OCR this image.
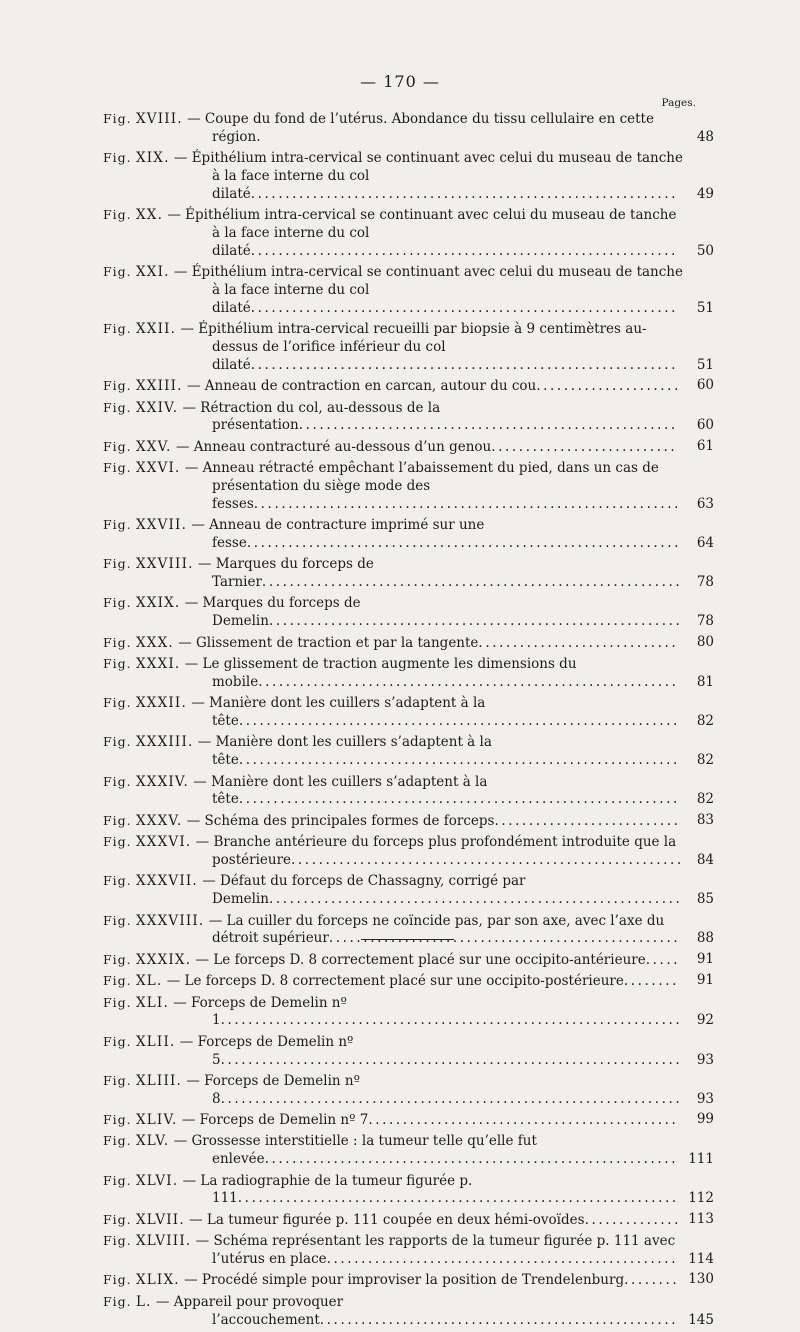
— 170 —
Pages.
Fig. XVIII. — Coupe du fond de l’utérus. Abondance du tissu cellulaire en cette région.	48
Fig. XIX. — Épithélium intra-cervical se continuant avec celui du museau de tanche à la face interne du col dilaté..............................................................	49
Fig. XX. — Épithélium intra-cervical se continuant avec celui du museau de tanche à la face interne du col dilaté..............................................................	50
Fig. XXI. — Épithélium intra-cervical se continuant avec celui du museau de tanche à la face interne du col dilaté..............................................................	51
Fig. XXII. — Épithélium intra-cervical recueilli par biopsie à 9 centimètres au-dessus de l’orifice inférieur du col dilaté..............................................................	51
Fig. XXIII. — Anneau de contraction en carcan, autour du cou.....................	60
Fig. XXIV. — Rétraction du col, au-dessous de la présentation.......................................................	60
Fig. XXV. — Anneau contracturé au-dessous d’un genou...........................	61
Fig. XXVI. — Anneau rétracté empêchant l’abaissement du pied, dans un cas de présentation du siège mode des fesses..............................................................	63
Fig. XXVII. — Anneau de contracture imprimé sur une fesse...............................................................	64
Fig. XXVIII. — Marques du forceps de Tarnier.............................................................	78
Fig. XXIX. — Marques du forceps de Demelin............................................................	78
Fig. XXX. — Glissement de traction et par la tangente.............................	80
Fig. XXXI. — Le glissement de traction augmente les dimensions du mobile.............................................................	81
Fig. XXXII. — Manière dont les cuillers s’adaptent à la tête................................................................	82
Fig. XXXIII. — Manière dont les cuillers s’adaptent à la tête................................................................	82
Fig. XXXIV. — Manière dont les cuillers s’adaptent à la tête................................................................	82
Fig. XXXV. — Schéma des principales formes de forceps...........................	83
Fig. XXXVI. — Branche antérieure du forceps plus profondément introduite que la postérieure......................................................... 84
Fig. XXXVII. — Défaut du forceps de Chassagny, corrigé par Demelin............................................................	85
Fig. XXXVIII. — La cuiller du forceps ne coïncide pas, par son axe, avec l’axe du détroit supérieur...................................................	88
Fig. XXXIX. — Le forceps D. 8 correctement placé sur une occipito-antérieure.....	91
Fig. XL. — Le forceps D. 8 correctement placé sur une occipito-postérieure........	91
Fig. XLI. — Forceps de Demelin nº 1...................................................................	92
Fig. XLII. — Forceps de Demelin nº 5...................................................................	93
Fig. XLIII. — Forceps de Demelin nº 8...................................................................	93
Fig. XLIV. — Forceps de Demelin nº 7.............................................	99
Fig. XLV. — Grossesse interstitielle : la tumeur telle qu’elle fut enlevée............................................................ 111
Fig. XLVI. — La radiographie de la tumeur figurée p. 111................................................................ 112
Fig. XLVII. — La tumeur figurée p. 111 coupée en deux hémi-ovoïdes.............. 113
Fig. XLVIII. — Schéma représentant les rapports de la tumeur figurée p. 111 avec l’utérus en place................................................... 114
Fig. XLIX. — Procédé simple pour improviser la position de Trendelenburg........ 130
Fig. L. — Appareil pour provoquer l’accouchement.................................................... 145
